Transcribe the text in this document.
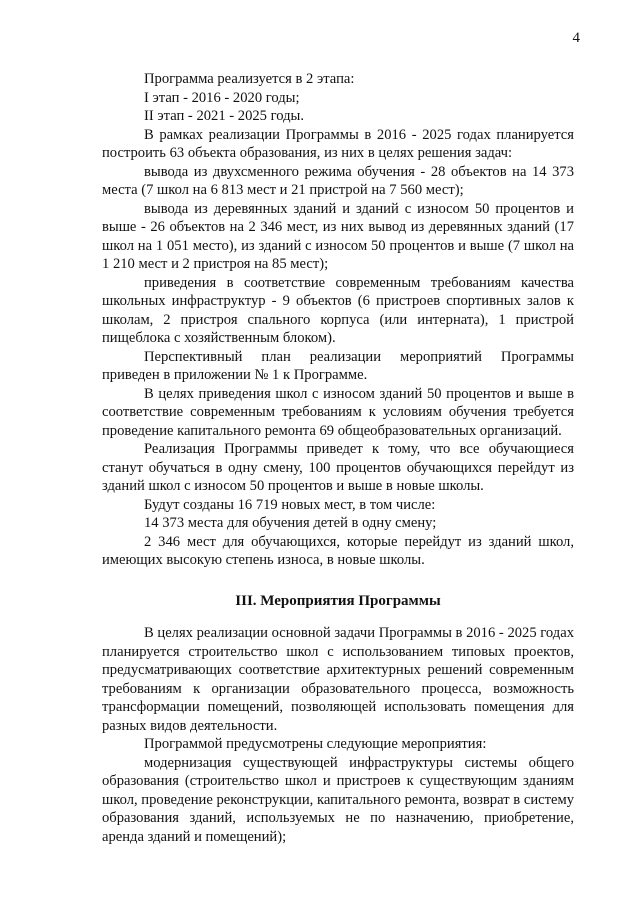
4

Программа реализуется в 2 этапа:

I этап - 2016 - 2020 годы;

II этап - 2021 - 2025 годы.

В рамках реализации Программы в 2016 - 2025 годах планируется построить 63 объекта образования, из них в целях решения задач:

вывода из двухсменного режима обучения - 28 объектов на 14 373 места (7 школ на 6 813 мест и 21 пристрой на 7 560 мест);

вывода из деревянных зданий и зданий с износом 50 процентов и выше - 26 объектов на 2 346 мест, из них вывод из деревянных зданий (17 школ на 1 051 место), из зданий с износом 50 процентов и выше (7 школ на 1 210 мест и 2 пристроя на 85 мест);

приведения в соответствие современным требованиям качества школьных инфраструктур - 9 объектов (6 пристроев спортивных залов к школам, 2 пристроя спального корпуса (или интерната), 1 пристрой пищеблока с хозяйственным блоком).

Перспективный план реализации мероприятий Программы приведен в приложении № 1 к Программе.

В целях приведения школ с износом зданий 50 процентов и выше в соответствие современным требованиям к условиям обучения требуется проведение капитального ремонта 69 общеобразовательных организаций.

Реализация Программы приведет к тому, что все обучающиеся станут обучаться в одну смену, 100 процентов обучающихся перейдут из зданий школ с износом 50 процентов и выше в новые школы.

Будут созданы 16 719 новых мест, в том числе:

14 373 места для обучения детей в одну смену;

2 346 мест для обучающихся, которые перейдут из зданий школ, имеющих высокую степень износа, в новые школы.

III. Мероприятия Программы

В целях реализации основной задачи Программы в 2016 - 2025 годах планируется строительство школ с использованием типовых проектов, предусматривающих соответствие архитектурных решений современным требованиям к организации образовательного процесса, возможность трансформации помещений, позволяющей использовать помещения для разных видов деятельности.

Программой предусмотрены следующие мероприятия:

модернизация существующей инфраструктуры системы общего образования (строительство школ и пристроев к существующим зданиям школ, проведение реконструкции, капитального ремонта, возврат в систему образования зданий, используемых не по назначению, приобретение, аренда зданий и помещений);
